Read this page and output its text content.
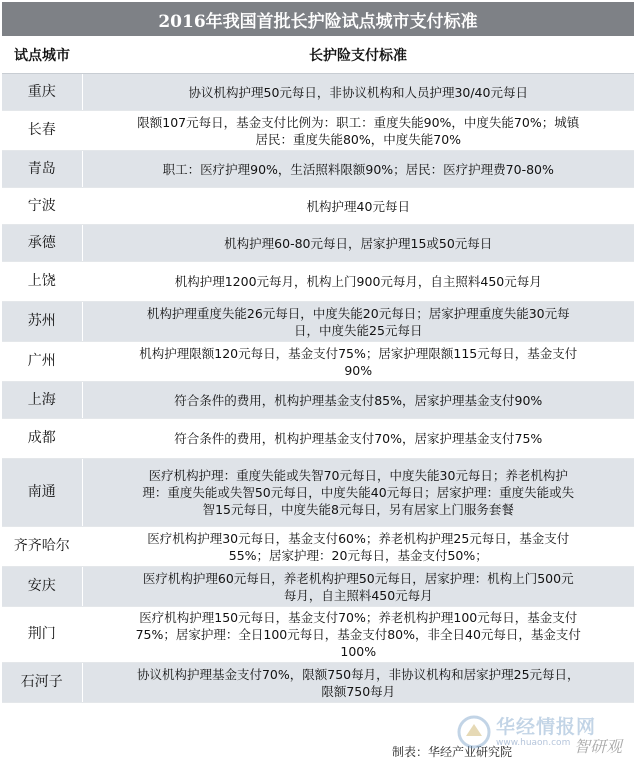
2016年我国首批长护险试点城市支付标准
试点城市	长护险支付标准
重庆	协议机构护理50元每日，非协议机构和人员护理30/40元每日

长春	限额107元每日，基金支付比例为：职工：重度失能90%，中度失能70%；城镇
居民：重度失能80%，中度失能70%

青岛	职工：医疗护理90%，生活照料限额90%；居民：医疗护理费70-80%

宁波	机构护理40元每日

承德	机构护理60-80元每日，居家护理15或50元每日

上饶	机构护理1200元每月，机构上门900元每月，自主照料450元每月

苏州	机构护理重度失能26元每日，中度失能20元每日；居家护理重度失能30元每
日，中度失能25元每日

广州	机构护理限额120元每日，基金支付75%；居家护理限额115元每日，基金支付
90%

上海	符合条件的费用，机构护理基金支付85%，居家护理基金支付90%

成都	符合条件的费用，机构护理基金支付70%，居家护理基金支付75%

南通	医疗机构护理：重度失能或失智70元每日，中度失能30元每日；养老机构护
理：重度失能或失智50元每日，中度失能40元每日；居家护理：重度失能或失
智15元每日，中度失能8元每日，另有居家上门服务套餐

齐齐哈尔	医疗机构护理30元每日，基金支付60%；养老机构护理25元每日，基金支付
55%；居家护理：20元每日，基金支付50%；

安庆	医疗机构护理60元每日，养老机构护理50元每日，居家护理：机构上门500元
每月，自主照料450元每月

荆门	医疗机构护理150元每日，基金支付70%；养老机构护理100元每日，基金支付
75%；居家护理：全日100元每日，基金支付80%，非全日40元每日，基金支付
100%

石河子	协议机构护理基金支付70%，限额750每月，非协议机构和居家护理25元每日，
限额750每月
制表：华经产业研究院
华经情报网
www.huaon.com 智研观
